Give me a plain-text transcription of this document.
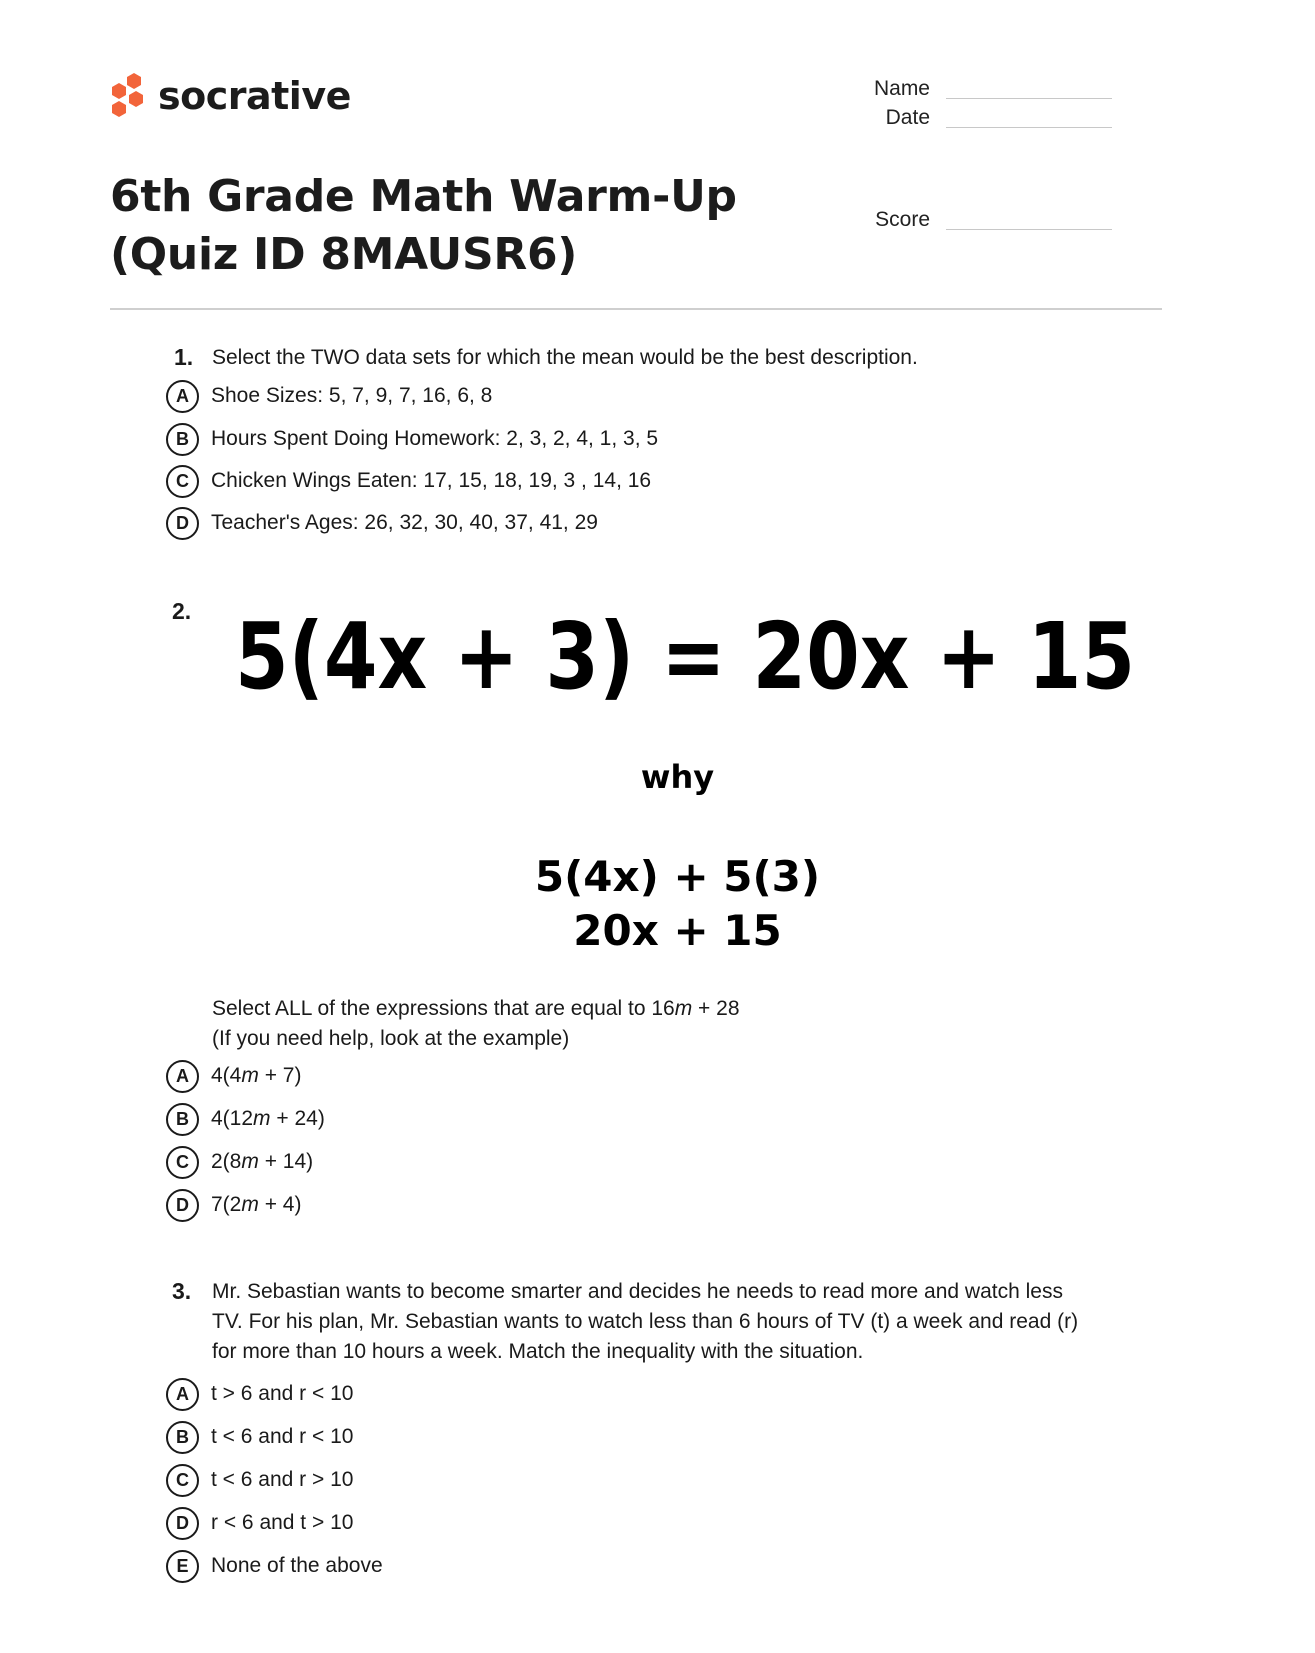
socrative	Name
Date
Score
6th Grade Math Warm-Up (Quiz ID 8MAUSR6)
1. Select the TWO data sets for which the mean would be the best description.
A	Shoe Sizes: 5, 7, 9, 7, 16, 6, 8
B	Hours Spent Doing Homework: 2, 3, 2, 4, 1, 3, 5
C	Chicken Wings Eaten: 17, 15, 18, 19, 3 , 14, 16
D	Teacher's Ages: 26, 32, 30, 40, 37, 41, 29
2. 5(4x + 3) = 20x + 15
why
5(4x) + 5(3)
20x + 15
Select ALL of the expressions that are equal to 16m + 28
(If you need help, look at the example)
A	4(4m + 7)
B	4(12m + 24)
C	2(8m + 14)
D	7(2m + 4)
3. Mr. Sebastian wants to become smarter and decides he needs to read more and watch less
TV. For his plan, Mr. Sebastian wants to watch less than 6 hours of TV (t) a week and read (r)
for more than 10 hours a week. Match the inequality with the situation.
A	t > 6 and r < 10
B	t < 6 and r < 10
C	t < 6 and r > 10
D	r < 6 and t > 10
E	None of the above
